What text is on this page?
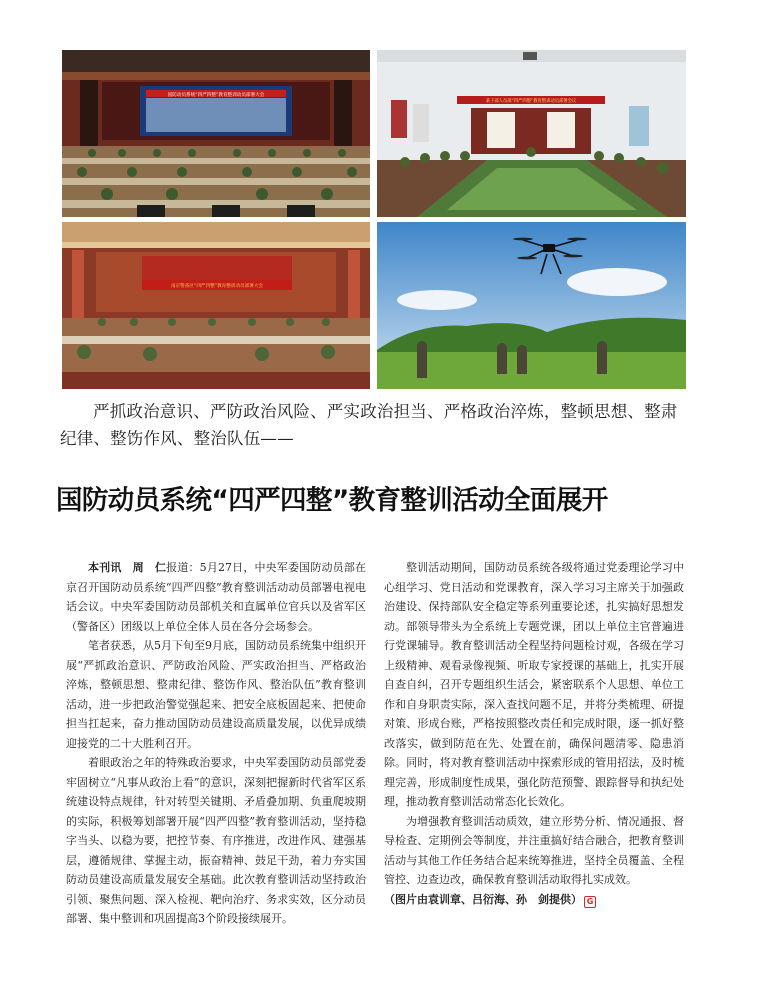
国防动员系统“四严四整”教育整训动员部署大会
某干部人员部“四严四整”教育整训动员部署会议
南京警备区“四严四整”教育整训动员部署大会
严抓政治意识、严防政治风险、严实政治担当、严格政治淬炼，整顿思想、整肃纪律、整饬作风、整治队伍——
国防动员系统“四严四整”教育整训活动全面展开

本刊讯　周　仁报道：5月27日，中央军委国防动员部在京召开国防动员系统“四严四整”教育整训活动动员部署电视电话会议。中央军委国防动员部机关和直属单位官兵以及省军区（警备区）团级以上单位全体人员在各分会场参会。

笔者获悉，从5月下旬至9月底，国防动员系统集中组织开展“严抓政治意识、严防政治风险、严实政治担当、严格政治淬炼，整顿思想、整肃纪律、整饬作风、整治队伍”教育整训活动，进一步把政治警觉强起来、把安全底板固起来、把使命担当扛起来，奋力推动国防动员建设高质量发展，以优异成绩迎接党的二十大胜利召开。

着眼政治之年的特殊政治要求，中央军委国防动员部党委牢固树立“凡事从政治上看”的意识，深刻把握新时代省军区系统建设特点规律，针对转型关键期、矛盾叠加期、负重爬坡期的实际，积极筹划部署开展“四严四整”教育整训活动，坚持稳字当头、以稳为要，把控节奏、有序推进，改进作风、建强基层，遵循规律、掌握主动，振奋精神、鼓足干劲，着力夯实国防动员建设高质量发展安全基础。此次教育整训活动坚持政治引领、聚焦问题、深入检视、靶向治疗、务求实效，区分动员部署、集中整训和巩固提高3个阶段接续展开。

整训活动期间，国防动员系统各级将通过党委理论学习中心组学习、党日活动和党课教育，深入学习习主席关于加强政治建设、保持部队安全稳定等系列重要论述，扎实搞好思想发动。部领导带头为全系统上专题党课，团以上单位主官普遍进行党课辅导。教育整训活动全程坚持问题检讨观，各级在学习上级精神、观看录像视频、听取专家授课的基础上，扎实开展自查自纠，召开专题组织生活会，紧密联系个人思想、单位工作和自身职责实际，深入查找问题不足，并将分类梳理、研提对策、形成台账，严格按照整改责任和完成时限，逐一抓好整改落实，做到防范在先、处置在前，确保问题清零、隐患消除。同时，将对教育整训活动中探索形成的管用招法，及时梳理完善，形成制度性成果，强化防范预警、跟踪督导和执纪处理，推动教育整训活动常态化长效化。

为增强教育整训活动质效，建立形势分析、情况通报、督导检查、定期例会等制度，并注重搞好结合融合，把教育整训活动与其他工作任务结合起来统筹推进，坚持全员覆盖、全程管控、边查边改，确保教育整训活动取得扎实成效。

（图片由袁训章、吕衍海、孙　剑提供） G
